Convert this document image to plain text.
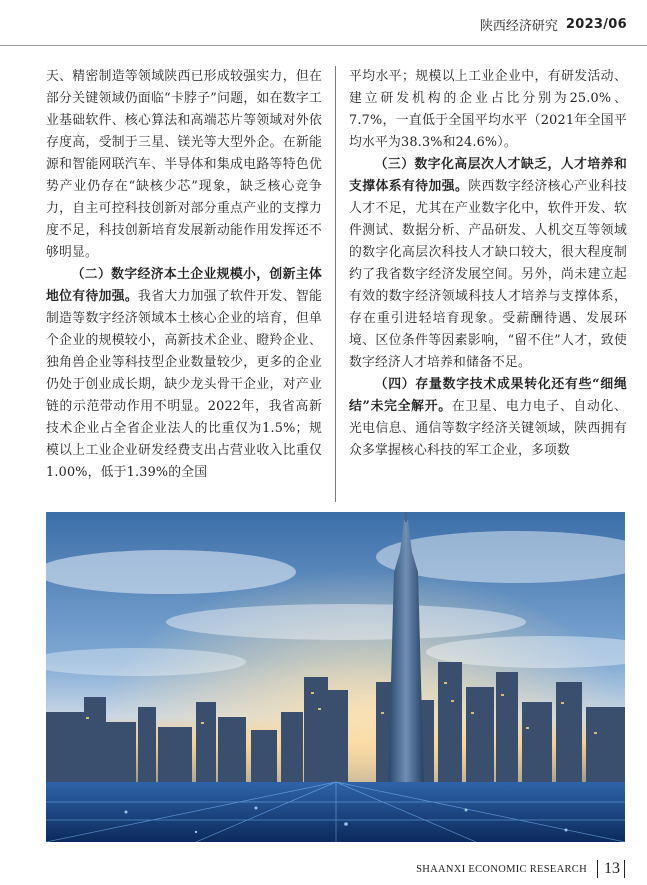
陕西经济研究 2023/06

天、精密制造等领域陕西已形成较强实力，但在部分关键领域仍面临“卡脖子”问题，如在数字工业基础软件、核心算法和高端芯片等领域对外依存度高，受制于三星、镁光等大型外企。在新能源和智能网联汽车、半导体和集成电路等特色优势产业仍存在“缺核少芯”现象，缺乏核心竞争力，自主可控科技创新对部分重点产业的支撑力度不足，科技创新培育发展新动能作用发挥还不够明显。

（二）数字经济本土企业规模小，创新主体地位有待加强。我省大力加强了软件开发、智能制造等数字经济领域本土核心企业的培育，但单个企业的规模较小，高新技术企业、瞪羚企业、独角兽企业等科技型企业数量较少，更多的企业仍处于创业成长期，缺少龙头骨干企业，对产业链的示范带动作用不明显。2022年，我省高新技术企业占全省企业法人的比重仅为1.5%；规模以上工业企业研发经费支出占营业收入比重仅1.00%，低于1.39%的全国

平均水平；规模以上工业企业中，有研发活动、建立研发机构的企业占比分别为25.0%、7.7%，一直低于全国平均水平（2021年全国平均水平为38.3%和24.6%）。

（三）数字化高层次人才缺乏，人才培养和支撑体系有待加强。陕西数字经济核心产业科技人才不足，尤其在产业数字化中，软件开发、软件测试、数据分析、产品研发、人机交互等领域的数字化高层次科技人才缺口较大，很大程度制约了我省数字经济发展空间。另外，尚未建立起有效的数字经济领域科技人才培养与支撑体系，存在重引进轻培育现象。受薪酬待遇、发展环境、区位条件等因素影响，“留不住”人才，致使数字经济人才培养和储备不足。

（四）存量数字技术成果转化还有些“细绳结”未完全解开。在卫星、电力电子、自动化、光电信息、通信等数字经济关键领域，陕西拥有众多掌握核心科技的军工企业，多项数

SHAANXI ECONOMIC RESEARCH 13
